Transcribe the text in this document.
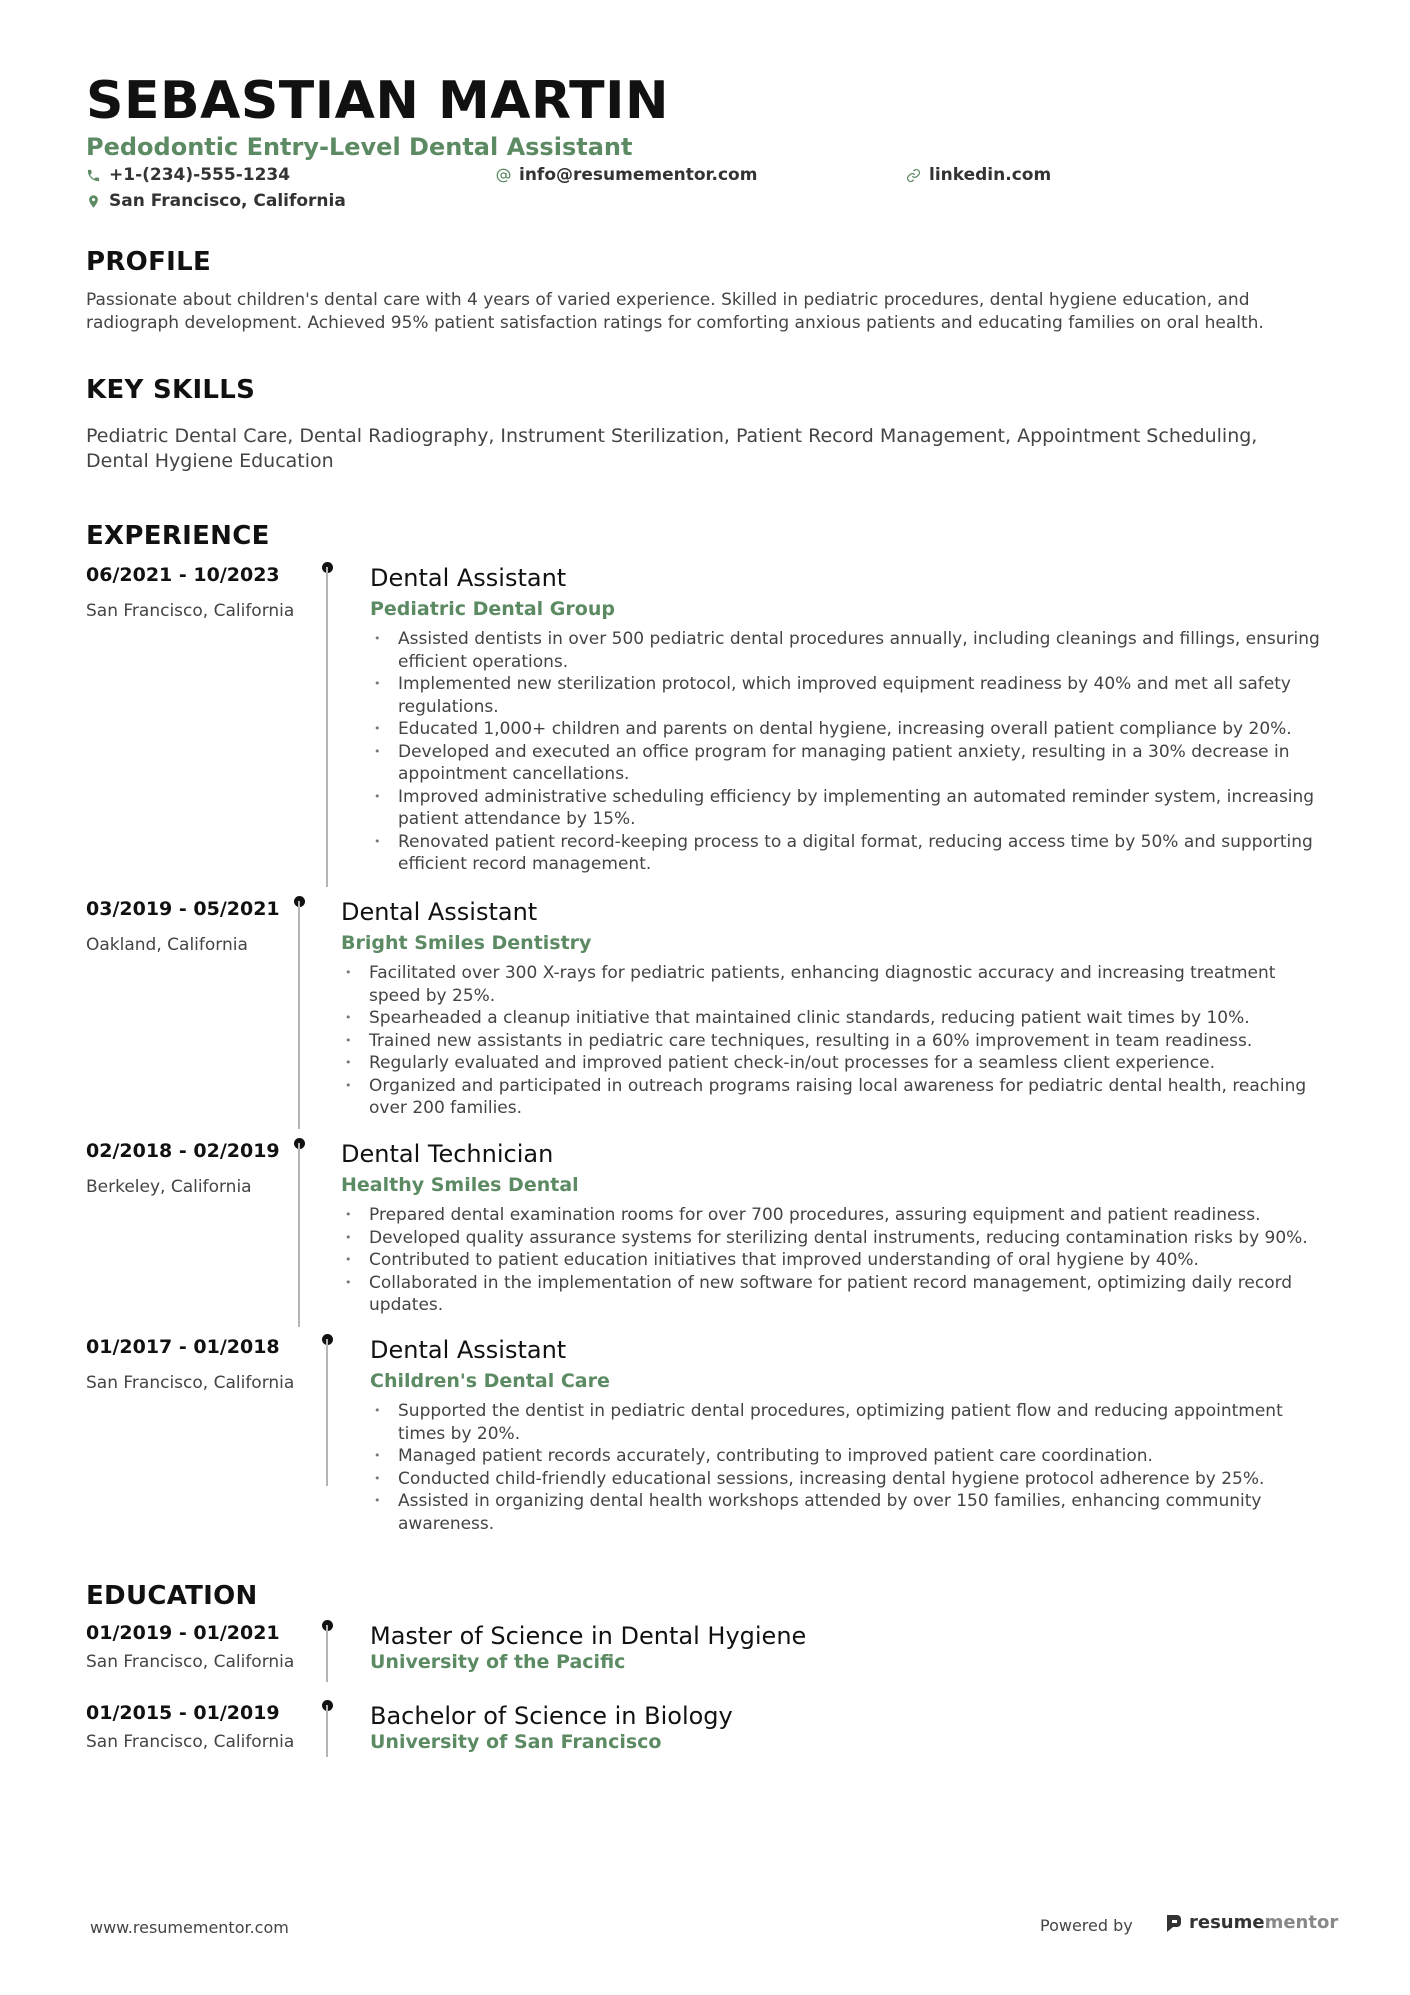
SEBASTIAN MARTIN
Pedodontic Entry-Level Dental Assistant
+1-(234)-555-1234	info@resumementor.com	linkedin.com
San Francisco, California
PROFILE
Passionate about children's dental care with 4 years of varied experience. Skilled in pediatric procedures, dental hygiene education, and radiograph development. Achieved 95% patient satisfaction ratings for comforting anxious patients and educating families on oral health.
KEY SKILLS
Pediatric Dental Care, Dental Radiography, Instrument Sterilization, Patient Record Management, Appointment Scheduling, Dental Hygiene Education
EXPERIENCE
06/2021 - 10/2023
San Francisco, California
Dental Assistant
Pediatric Dental Group
• Assisted dentists in over 500 pediatric dental procedures annually, including cleanings and fillings, ensuring efficient operations.
• Implemented new sterilization protocol, which improved equipment readiness by 40% and met all safety regulations.
• Educated 1,000+ children and parents on dental hygiene, increasing overall patient compliance by 20%.
• Developed and executed an office program for managing patient anxiety, resulting in a 30% decrease in appointment cancellations.
• Improved administrative scheduling efficiency by implementing an automated reminder system, increasing patient attendance by 15%.
• Renovated patient record-keeping process to a digital format, reducing access time by 50% and supporting efficient record management.
03/2019 - 05/2021
Oakland, California
Dental Assistant
Bright Smiles Dentistry
• Facilitated over 300 X-rays for pediatric patients, enhancing diagnostic accuracy and increasing treatment speed by 25%.
• Spearheaded a cleanup initiative that maintained clinic standards, reducing patient wait times by 10%.
• Trained new assistants in pediatric care techniques, resulting in a 60% improvement in team readiness.
• Regularly evaluated and improved patient check-in/out processes for a seamless client experience.
• Organized and participated in outreach programs raising local awareness for pediatric dental health, reaching over 200 families.
02/2018 - 02/2019
Berkeley, California
Dental Technician
Healthy Smiles Dental
• Prepared dental examination rooms for over 700 procedures, assuring equipment and patient readiness.
• Developed quality assurance systems for sterilizing dental instruments, reducing contamination risks by 90%.
• Contributed to patient education initiatives that improved understanding of oral hygiene by 40%.
• Collaborated in the implementation of new software for patient record management, optimizing daily record updates.
01/2017 - 01/2018
San Francisco, California
Dental Assistant
Children's Dental Care
• Supported the dentist in pediatric dental procedures, optimizing patient flow and reducing appointment times by 20%.
• Managed patient records accurately, contributing to improved patient care coordination.
• Conducted child-friendly educational sessions, increasing dental hygiene protocol adherence by 25%.
• Assisted in organizing dental health workshops attended by over 150 families, enhancing community awareness.
EDUCATION
01/2019 - 01/2021
San Francisco, California
Master of Science in Dental Hygiene
University of the Pacific
01/2015 - 01/2019
San Francisco, California
Bachelor of Science in Biology
University of San Francisco
www.resumementor.com	Powered by	resume mentor
